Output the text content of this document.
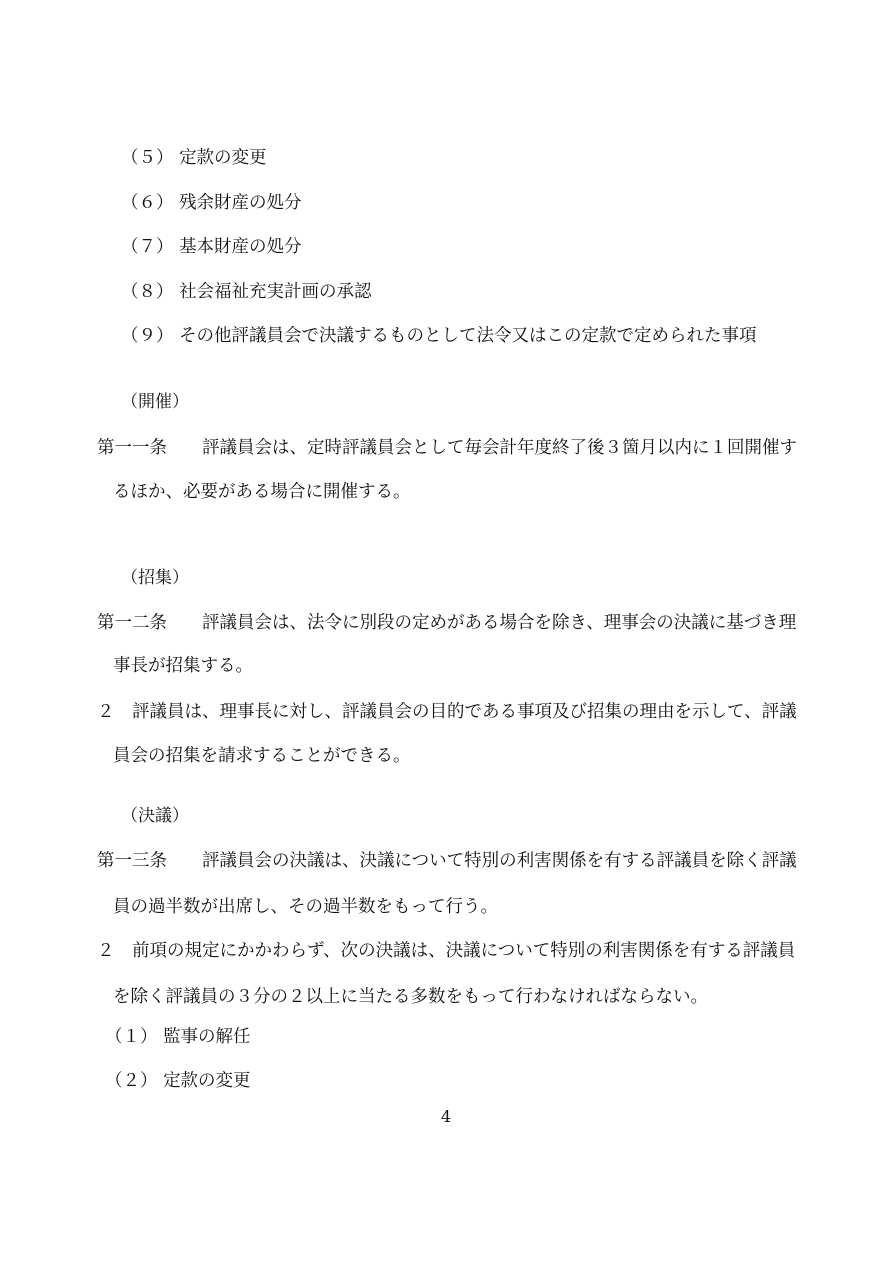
（５） 定款の変更
（６） 残余財産の処分
（７） 基本財産の処分
（８） 社会福祉充実計画の承認
（９） その他評議員会で決議するものとして法令又はこの定款で定められた事項
（開催）
第一一条　　評議員会は、定時評議員会として毎会計年度終了後３箇月以内に１回開催す
るほか、必要がある場合に開催する。
（招集）
第一二条　　評議員会は、法令に別段の定めがある場合を除き、理事会の決議に基づき理
事長が招集する。
２　評議員は、理事長に対し、評議員会の目的である事項及び招集の理由を示して、評議
員会の招集を請求することができる。
（決議）
第一三条　　評議員会の決議は、決議について特別の利害関係を有する評議員を除く評議
員の過半数が出席し、その過半数をもって行う。
２　前項の規定にかかわらず、次の決議は、決議について特別の利害関係を有する評議員
を除く評議員の３分の２以上に当たる多数をもって行わなければならない。
（１） 監事の解任
（２） 定款の変更
4
